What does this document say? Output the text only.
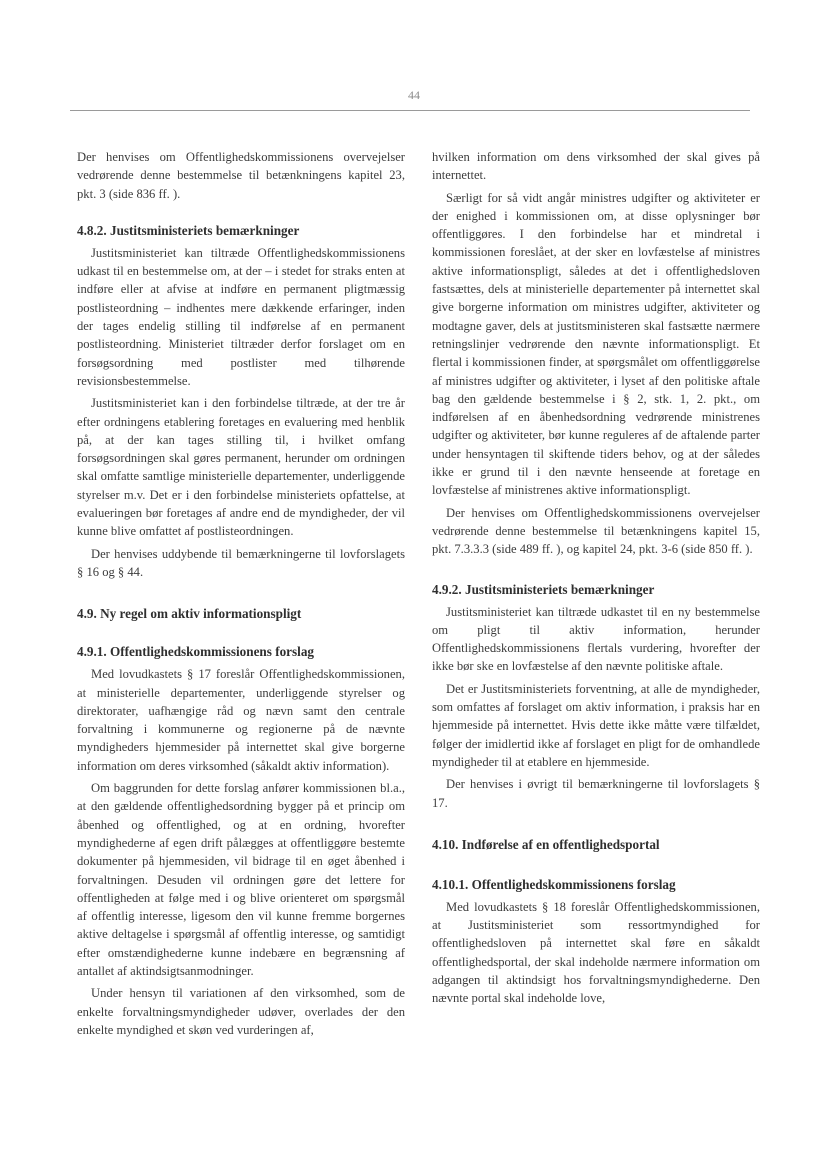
44

Der henvises om Offentlighedskommissionens overvejelser vedrørende denne bestemmelse til betænkningens kapitel 23, pkt. 3 (side 836 ff. ).

4.8.2. Justitsministeriets bemærkninger

Justitsministeriet kan tiltræde Offentlighedskommissionens udkast til en bestemmelse om, at der – i stedet for straks enten at indføre eller at afvise at indføre en permanent pligtmæssig postlisteordning – indhentes mere dækkende erfaringer, inden der tages endelig stilling til indførelse af en permanent postlisteordning. Ministeriet tiltræder derfor forslaget om en forsøgsordning med postlister med tilhørende revisionsbestemmelse.

Justitsministeriet kan i den forbindelse tiltræde, at der tre år efter ordningens etablering foretages en evaluering med henblik på, at der kan tages stilling til, i hvilket omfang forsøgsordningen skal gøres permanent, herunder om ordningen skal omfatte samtlige ministerielle departementer, underliggende styrelser m.v. Det er i den forbindelse ministeriets opfattelse, at evalueringen bør foretages af andre end de myndigheder, der vil kunne blive omfattet af postlisteordningen.

Der henvises uddybende til bemærkningerne til lovforslagets § 16 og § 44.

4.9. Ny regel om aktiv informationspligt
4.9.1. Offentlighedskommissionens forslag

Med lovudkastets § 17 foreslår Offentlighedskommissionen, at ministerielle departementer, underliggende styrelser og direktorater, uafhængige råd og nævn samt den centrale forvaltning i kommunerne og regionerne på de nævnte myndigheders hjemmesider på internettet skal give borgerne information om deres virksomhed (såkaldt aktiv information).

Om baggrunden for dette forslag anfører kommissionen bl.a., at den gældende offentlighedsordning bygger på et princip om åbenhed og offentlighed, og at en ordning, hvorefter myndighederne af egen drift pålægges at offentliggøre bestemte dokumenter på hjemmesiden, vil bidrage til en øget åbenhed i forvaltningen. Desuden vil ordningen gøre det lettere for offentligheden at følge med i og blive orienteret om spørgsmål af offentlig interesse, ligesom den vil kunne fremme borgernes aktive deltagelse i spørgsmål af offentlig interesse, og samtidigt efter omstændighederne kunne indebære en begrænsning af antallet af aktindsigtsanmodninger.

Under hensyn til variationen af den virksomhed, som de enkelte forvaltningsmyndigheder udøver, overlades der den enkelte myndighed et skøn ved vurderingen af,

hvilken information om dens virksomhed der skal gives på internettet.

Særligt for så vidt angår ministres udgifter og aktiviteter er der enighed i kommissionen om, at disse oplysninger bør offentliggøres. I den forbindelse har et mindretal i kommissionen foreslået, at der sker en lovfæstelse af ministres aktive informationspligt, således at det i offentlighedsloven fastsættes, dels at ministerielle departementer på internettet skal give borgerne information om ministres udgifter, aktiviteter og modtagne gaver, dels at justitsministeren skal fastsætte nærmere retningslinjer vedrørende den nævnte informationspligt. Et flertal i kommissionen finder, at spørgsmålet om offentliggørelse af ministres udgifter og aktiviteter, i lyset af den politiske aftale bag den gældende bestemmelse i § 2, stk. 1, 2. pkt., om indførelsen af en åbenhedsordning vedrørende ministrenes udgifter og aktiviteter, bør kunne reguleres af de aftalende parter under hensyntagen til skiftende tiders behov, og at der således ikke er grund til i den nævnte henseende at foretage en lovfæstelse af ministrenes aktive informationspligt.

Der henvises om Offentlighedskommissionens overvejelser vedrørende denne bestemmelse til betænkningens kapitel 15, pkt. 7.3.3.3 (side 489 ff. ), og kapitel 24, pkt. 3-6 (side 850 ff. ).

4.9.2. Justitsministeriets bemærkninger

Justitsministeriet kan tiltræde udkastet til en ny bestemmelse om pligt til aktiv information, herunder Offentlighedskommissionens flertals vurdering, hvorefter der ikke bør ske en lovfæstelse af den nævnte politiske aftale.

Det er Justitsministeriets forventning, at alle de myndigheder, som omfattes af forslaget om aktiv information, i praksis har en hjemmeside på internettet. Hvis dette ikke måtte være tilfældet, følger der imidlertid ikke af forslaget en pligt for de omhandlede myndigheder til at etablere en hjemmeside.

Der henvises i øvrigt til bemærkningerne til lovforslagets § 17.

4.10. Indførelse af en offentlighedsportal
4.10.1. Offentlighedskommissionens forslag

Med lovudkastets § 18 foreslår Offentlighedskommissionen, at Justitsministeriet som ressortmyndighed for offentlighedsloven på internettet skal føre en såkaldt offentlighedsportal, der skal indeholde nærmere information om adgangen til aktindsigt hos forvaltningsmyndighederne. Den nævnte portal skal indeholde love,
